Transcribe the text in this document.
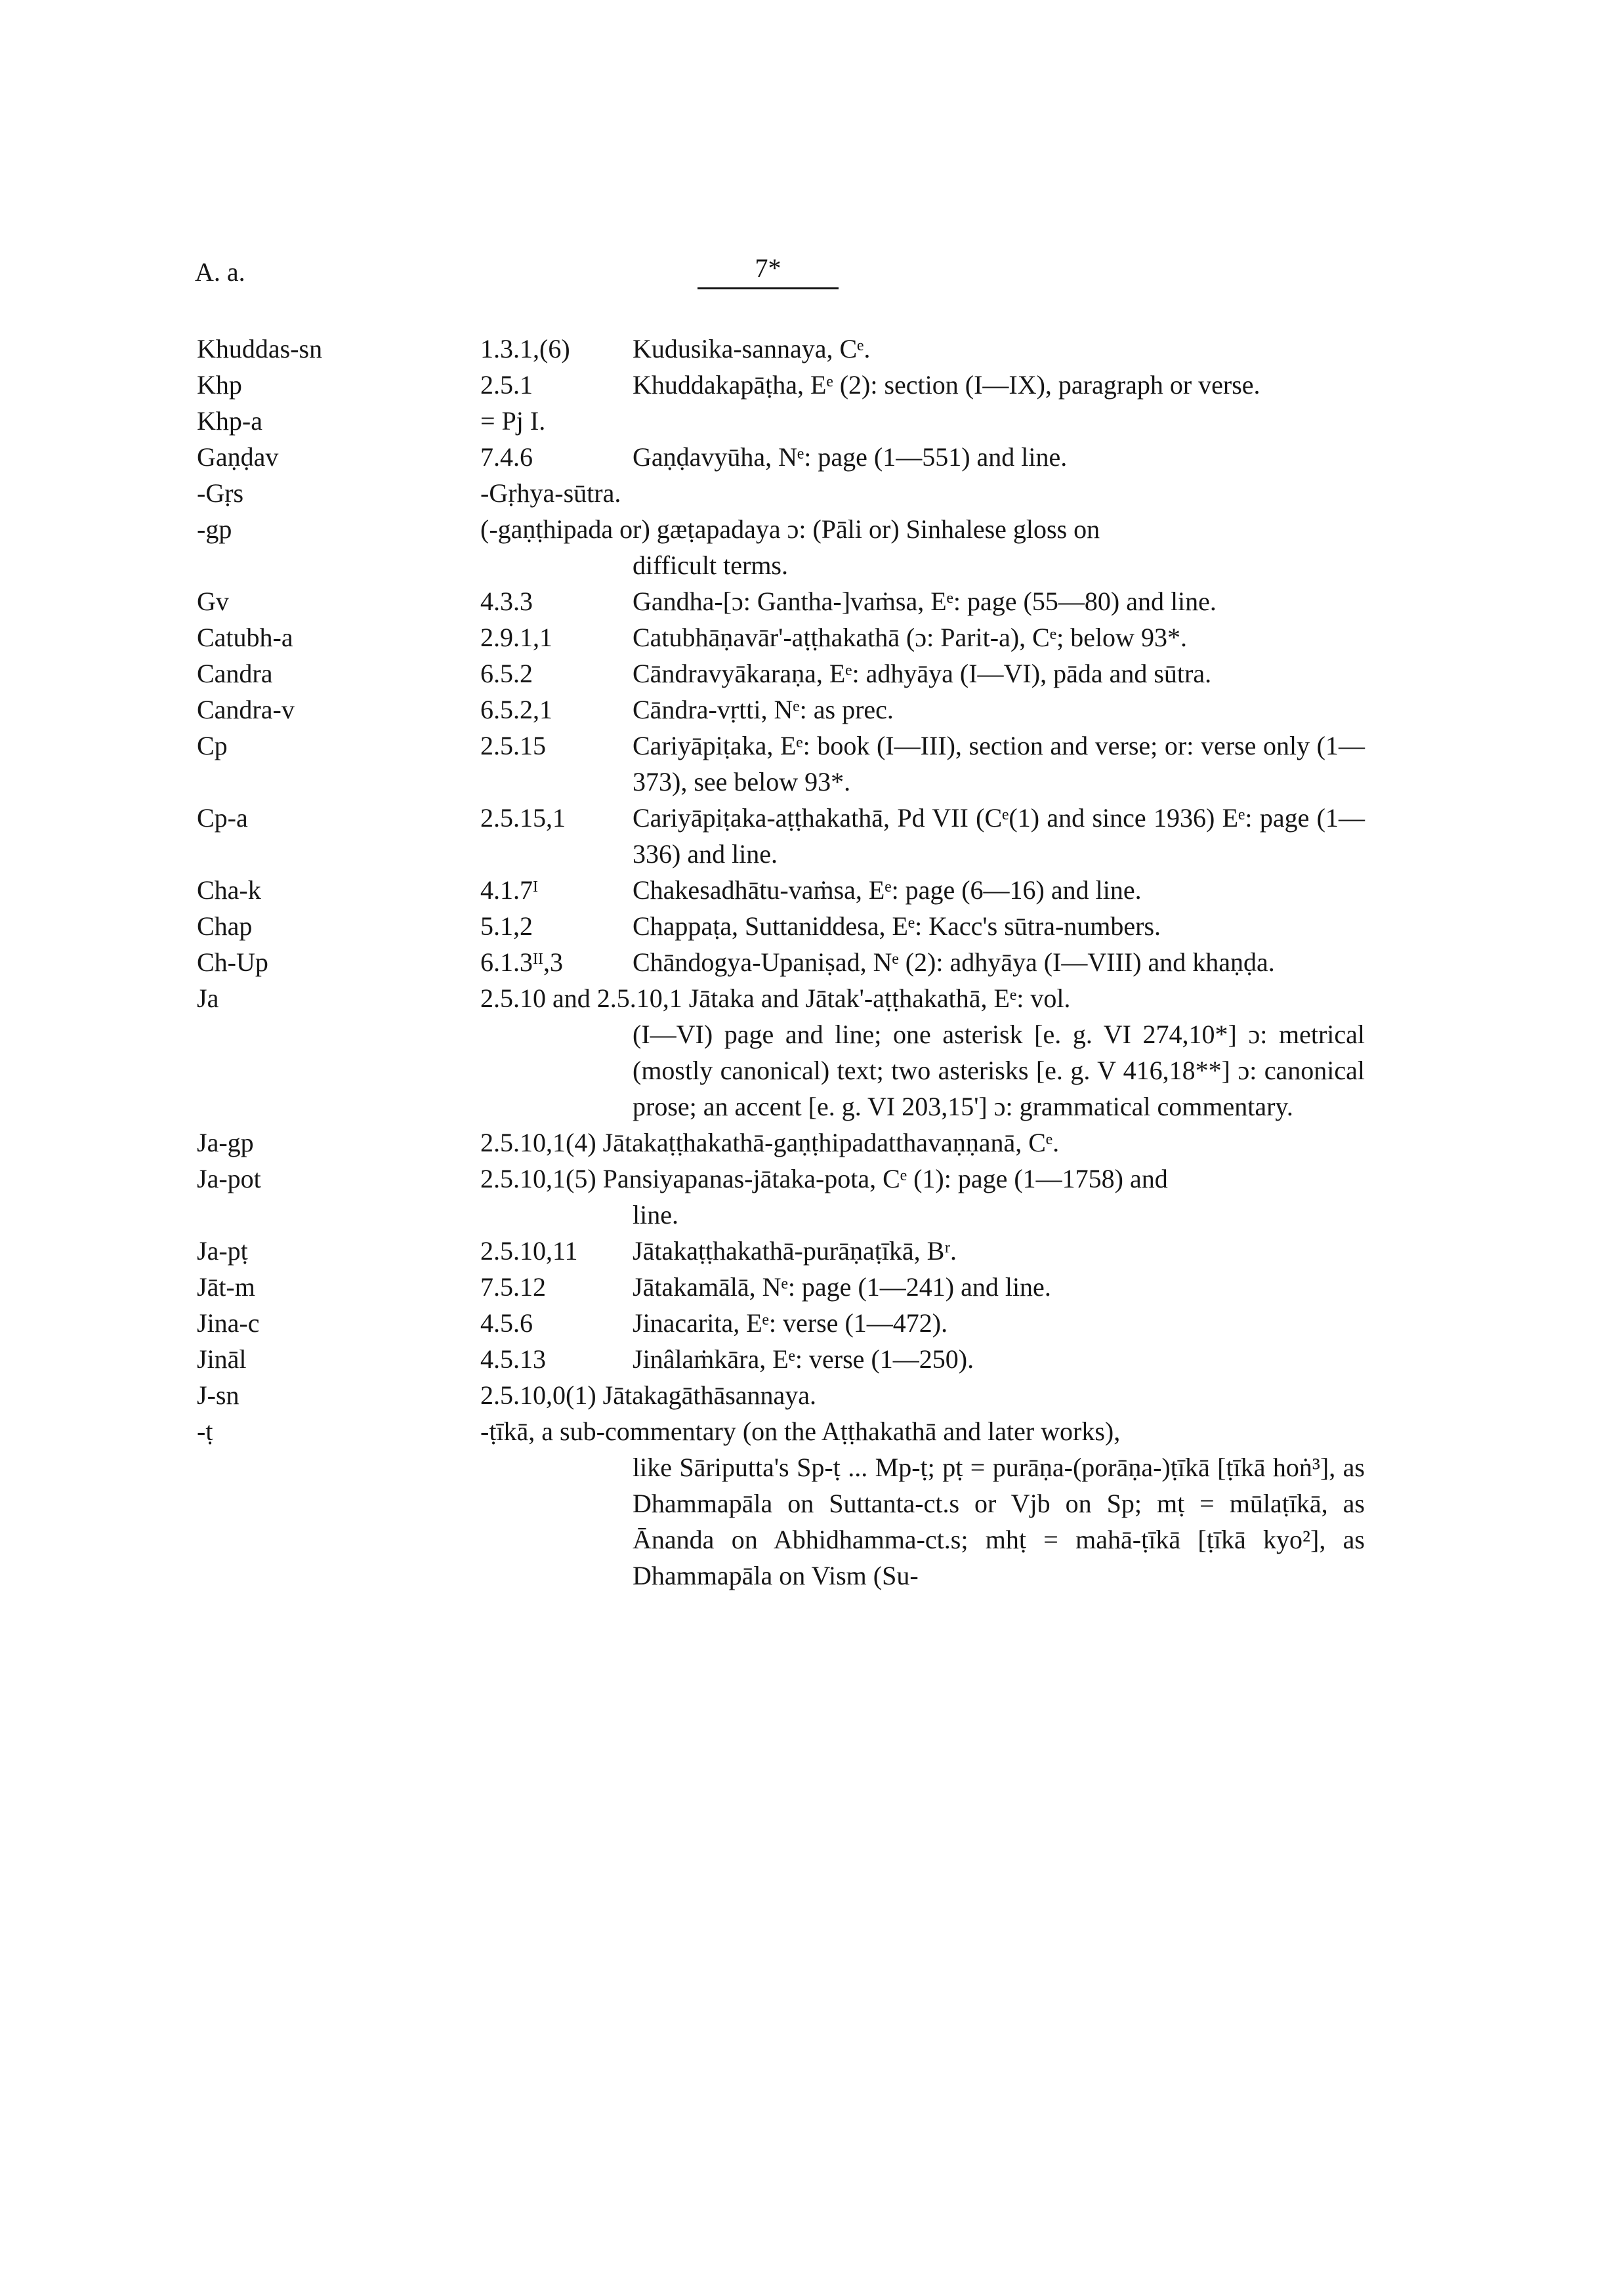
A. a.	7*
Khuddas-sn	1.3.1,(6) Kudusika-sannaya, Cᵉ.
Khp	2.5.1	Khuddakapāṭha, Eᵉ (2): section (I—IX), paragraph or verse.
Khp-a	= Pj I.
Gaṇḍav	7.4.6	Gaṇḍavyūha, Nᵉ: page (1—551) and line.
-Gṛs	-Gṛhya-sūtra.
-gp	(-gaṇṭhipada or) gæṭapadaya ɔ: (Pāli or) Sinhalese gloss on
difficult terms.
Gv	4.3.3	Gandha-[ɔ: Gantha-]vaṁsa, Eᵉ: page (55—80) and line.
Catubh-a	2.9.1,1	Catubhāṇavār'-aṭṭhakathā (ɔ: Parit-a), Cᵉ; below 93*.
Candra	6.5.2	Cāndravyākaraṇa, Eᵉ: adhyāya (I—VI), pāda and sūtra.
Candra-v	6.5.2,1	Cāndra-vṛtti, Nᵉ: as prec.
Cp	2.5.15	Cariyāpiṭaka, Eᵉ: book (I—III), section and verse; or: verse only (1—373), see below 93*.
Cp-a	2.5.15,1	Cariyāpiṭaka-aṭṭhakathā, Pd VII (Cᵉ(1) and since 1936) Eᵉ: page (1—336) and line.
Cha-k	4.1.7ᴵ	Chakesadhātu-vaṁsa, Eᵉ: page (6—16) and line.
Chap	5.1,2	Chappaṭa, Suttaniddesa, Eᵉ: Kacc's sūtra-numbers.
Ch-Up	6.1.3ᴵᴵ,3	Chāndogya-Upaniṣad, Nᵉ (2): adhyāya (I—VIII) and khaṇḍa.
Ja	2.5.10 and 2.5.10,1 Jātaka and Jātak'-aṭṭhakathā, Eᵉ: vol.
(I—VI) page and line; one asterisk [e. g. VI 274,10*] ɔ: metrical (mostly canonical) text; two asterisks [e. g. V 416,18**] ɔ: canonical prose; an accent [e. g. VI 203,15'] ɔ: grammatical commentary.
Ja-gp	2.5.10,1(4) Jātakaṭṭhakathā-gaṇṭhipadatthavaṇṇanā, Cᵉ.
Ja-pot	2.5.10,1(5) Pansiyapanas-jātaka-pota, Cᵉ (1): page (1—1758) and
line.
Ja-pṭ	2.5.10,11 Jātakaṭṭhakathā-purāṇaṭīkā, Bʳ.
Jāt-m	7.5.12	Jātakamālā, Nᵉ: page (1—241) and line.
Jina-c	4.5.6	Jinacarita, Eᵉ: verse (1—472).
Jināl	4.5.13	Jinâlaṁkāra, Eᵉ: verse (1—250).
J-sn	2.5.10,0(1) Jātakagāthāsannaya.
-ṭ	-ṭīkā, a sub-commentary (on the Aṭṭhakathā and later works),
like Sāriputta's Sp-ṭ ... Mp-ṭ; pṭ = purāṇa-(porāṇa-)ṭīkā [ṭīkā hoṅ³], as Dhammapāla on Suttanta-ct.s or Vjb on Sp; mṭ = mūlaṭīkā, as Ānanda on Abhidhamma-ct.s; mhṭ = mahā-ṭīkā [ṭīkā kyo²], as Dhammapāla on Vism (Su-
